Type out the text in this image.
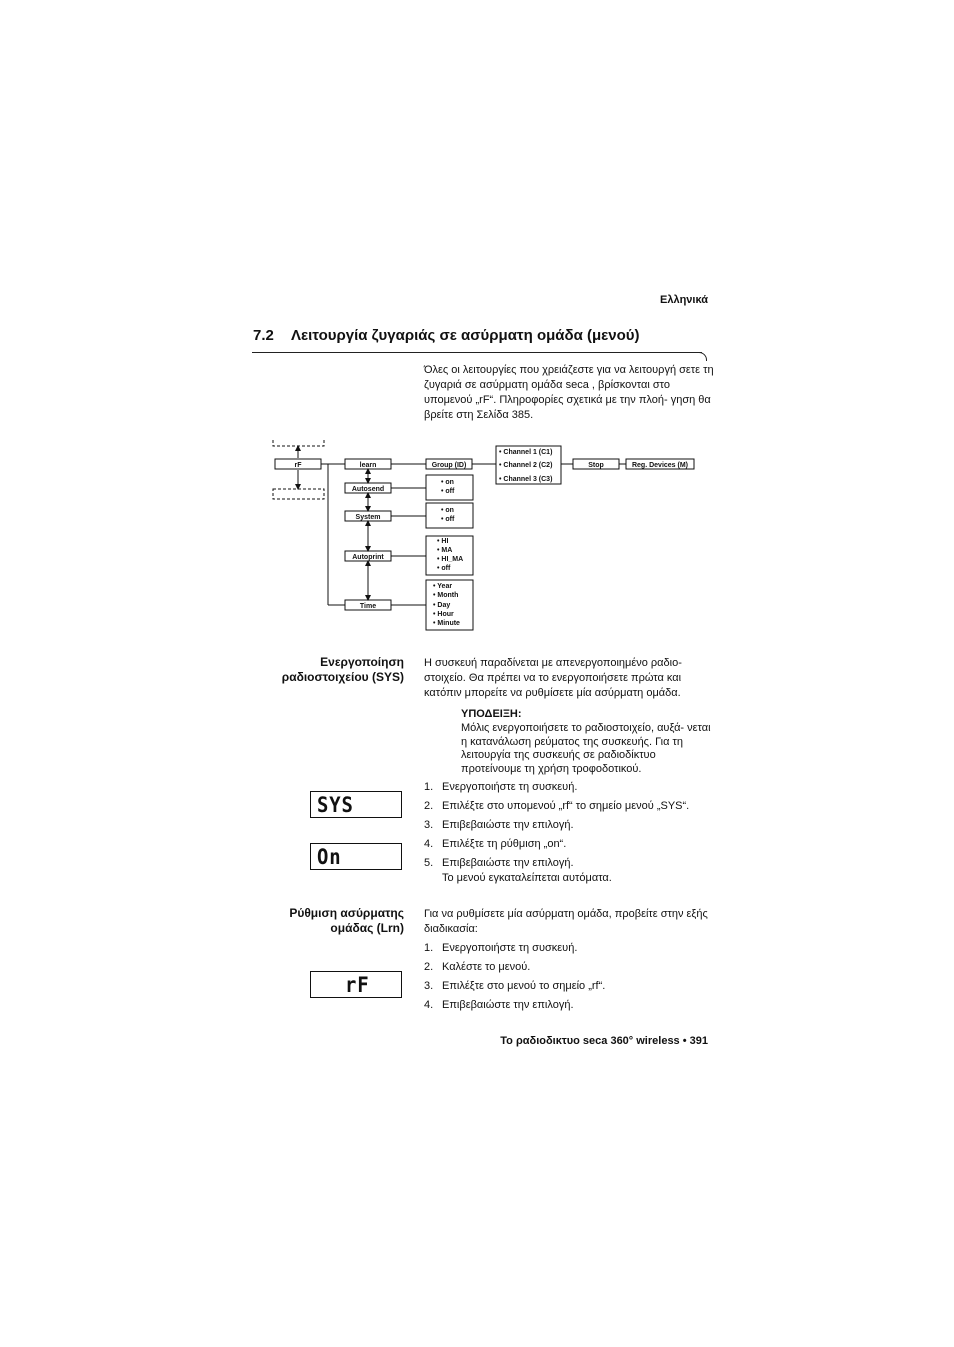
Ελληνικά
7.2 Λειτουργία ζυγαριάς σε ασύρματη ομάδα (μενού)
Όλες οι λειτουργίες που χρειάζεστε για να λειτουργή σετε τη ζυγαριά σε ασύρματη ομάδα seca , βρίσκονται στο υπομενού „rF“. Πληροφορίες σχετικά με την πλοή- γηση θα βρείτε στη Σελίδα 385.
rF	learn
Autosend
System
Autoprint
Time
Group (ID)
• Channel 1 (C1)
• Channel 2 (C2)
• Channel 3 (C3)
Stop	Reg. Devices (M)
• on
• off
• on
• off
• HI
• MA
• HI_MA
• off
• Year
• Month
• Day
• Hour
• Minute
Ενεργοποίηση
ραδιοστοιχείου (SYS)
Η συσκευή παραδίνεται με απενεργοποιημένο ραδιο- στοιχείο. Θα πρέπει να το ενεργοποιήσετε πρώτα και κατόπιν μπορείτε να ρυθμίσετε μία ασύρματη ομάδα.
ΥΠΟΔΕΙΞΗ:
Μόλις ενεργοποιήσετε το ραδιοστοιχείο, αυξά- νεται η κατανάλωση ρεύματος της συσκευής. Για τη λειτουργία της συσκευής σε ραδιοδίκτυο προτείνουμε τη χρήση τροφοδοτικού.
1. Ενεργοποιήστε τη συσκευή.
2. Επιλέξτε στο υπομενού „rf“ το σημείο μενού „SYS“.
3. Επιβεβαιώστε την επιλογή.
4. Επιλέξτε τη ρύθμιση „on“.
5. Επιβεβαιώστε την επιλογή.
Το μενού εγκαταλείπεται αυτόματα.
SYS
On
Ρύθμιση ασύρματης
ομάδας (Lrn)
Για να ρυθμίσετε μία ασύρματη ομάδα, προβείτε στην εξής διαδικασία:
1. Ενεργοποιήστε τη συσκευή.
2. Καλέστε το μενού.
3. Επιλέξτε στο μενού το σημείο „rf“.
4. Επιβεβαιώστε την επιλογή.
rF
Το ραδιοδικτυο seca 360° wireless • 391
